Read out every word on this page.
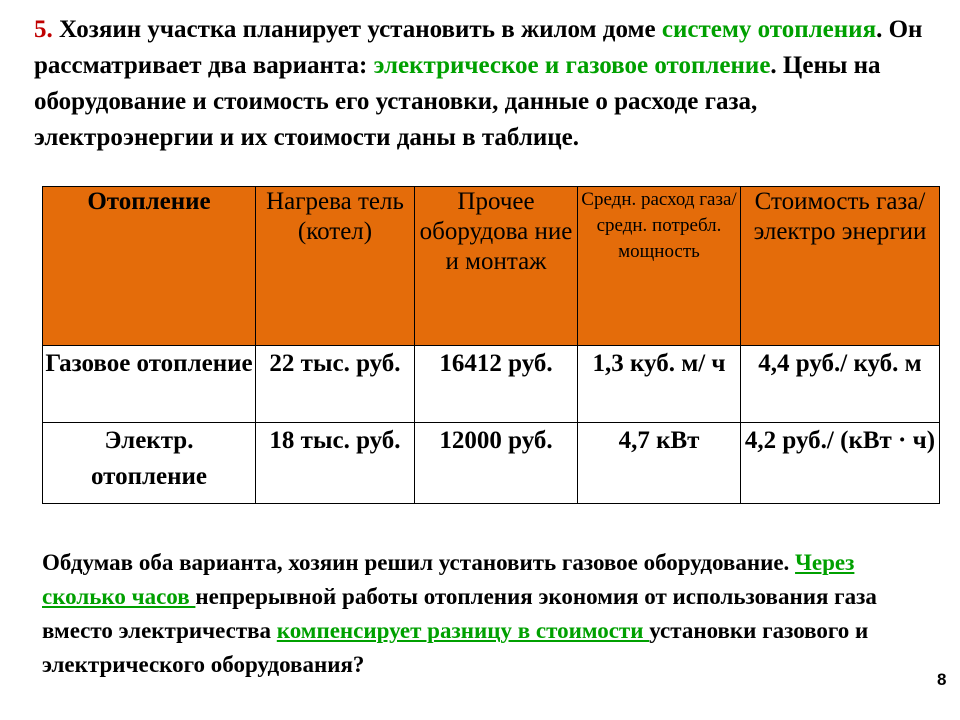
5. Хозяин участка планирует установить в жилом доме систему отопления. Он рассматривает два варианта: электрическое и газовое отопление. Цены на оборудование и стоимость его установки, данные о расходе газа, электроэнергии и их стоимости даны в таблице.

Отопление	Нагрева тель (котел)	Прочее оборудова ние и монтаж	Средн. расход газа/ средн. потребл. мощность	Стоимость газа/ электро энергии
Газовое отопление	22 тыс. руб.	16412 руб.	1,3 куб. м/ ч	4,4 руб./ куб. м
Электр. отопление	18 тыс. руб.	12000 руб.	4,7 кВт	4,2 руб./ (кВт · ч)

Обдумав оба варианта, хозяин решил установить газовое оборудование. Через сколько часов непрерывной работы отопления экономия от использования газа вместо электричества компенсирует разницу в стоимости установки газового и электрического оборудования?

8
